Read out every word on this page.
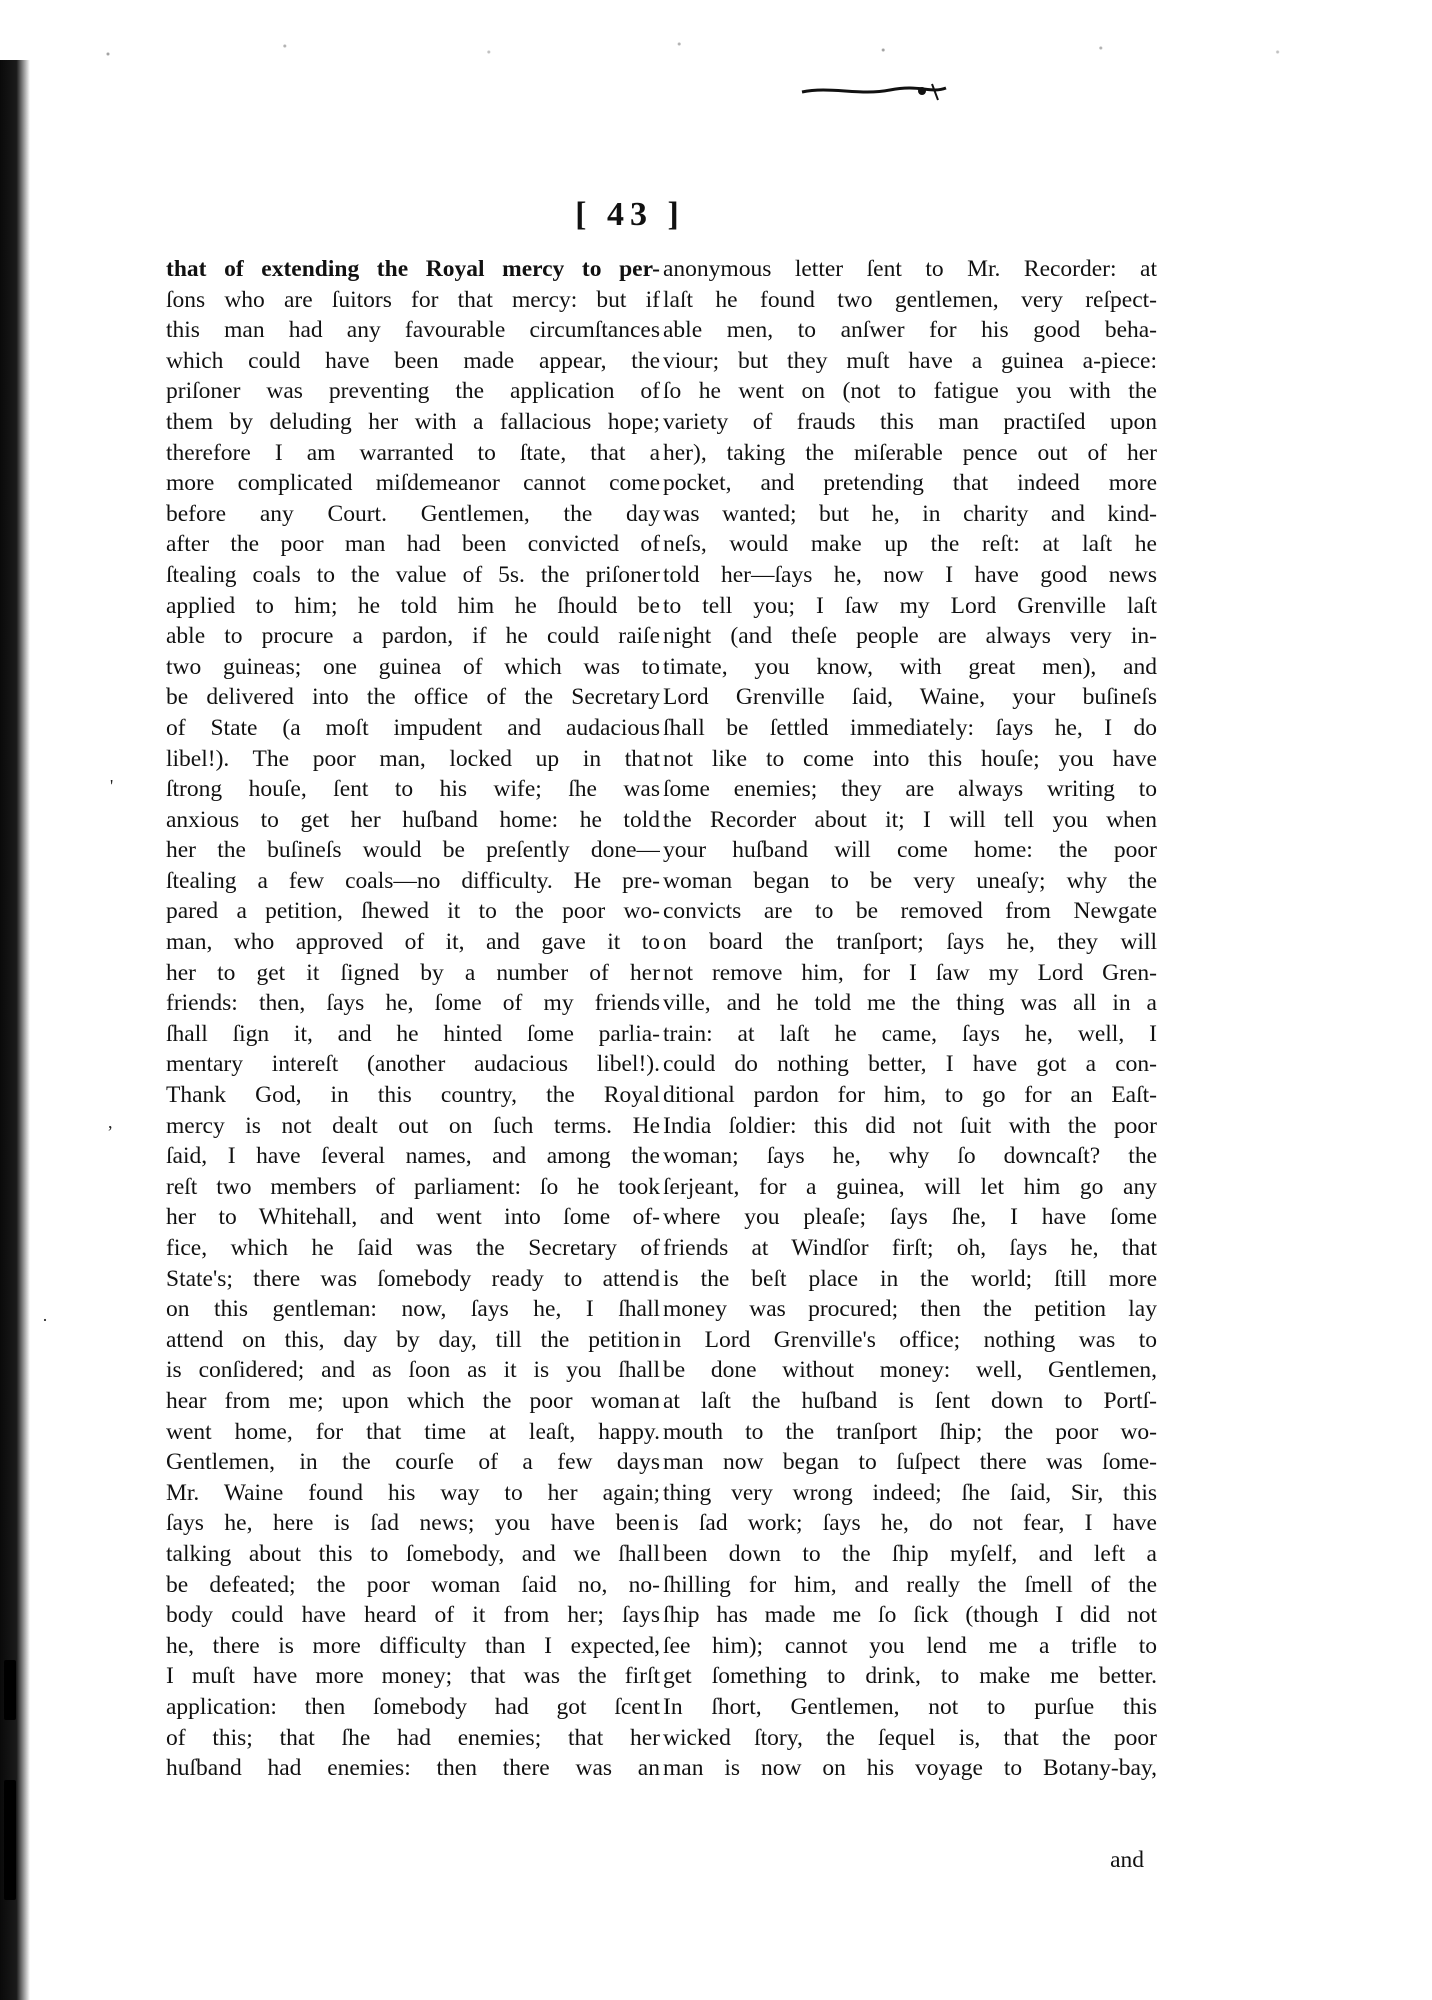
[ 43 ]
that of extending the Royal mercy to per-
ſons who are ſuitors for that mercy: but if
this man had any favourable circumſtances
which could have been made appear, the
priſoner was preventing the application of
them by deluding her with a fallacious hope;
therefore I am warranted to ſtate, that a
more complicated miſdemeanor cannot come
before any Court. Gentlemen, the day
after the poor man had been convicted of
ſtealing coals to the value of 5s. the priſoner
applied to him; he told him he ſhould be
able to procure a pardon, if he could raiſe
two guineas; one guinea of which was to
be delivered into the office of the Secretary
of State (a moſt impudent and audacious
libel!). The poor man, locked up in that
ſtrong houſe, ſent to his wife; ſhe was
anxious to get her huſband home: he told
her the buſineſs would be preſently done—
ſtealing a few coals—no difficulty. He pre-
pared a petition, ſhewed it to the poor wo-
man, who approved of it, and gave it to
her to get it ſigned by a number of her
friends: then, ſays he, ſome of my friends
ſhall ſign it, and he hinted ſome parlia-
mentary intereſt (another audacious libel!).
Thank God, in this country, the Royal
mercy is not dealt out on ſuch terms. He
ſaid, I have ſeveral names, and among the
reſt two members of parliament: ſo he took
her to Whitehall, and went into ſome of-
fice, which he ſaid was the Secretary of
State's; there was ſomebody ready to attend
on this gentleman: now, ſays he, I ſhall
attend on this, day by day, till the petition
is conſidered; and as ſoon as it is you ſhall
hear from me; upon which the poor woman
went home, for that time at leaſt, happy.
Gentlemen, in the courſe of a few days
Mr. Waine found his way to her again;
ſays he, here is ſad news; you have been
talking about this to ſomebody, and we ſhall
be defeated; the poor woman ſaid no, no-
body could have heard of it from her; ſays
he, there is more difficulty than I expected,
I muſt have more money; that was the firſt
application: then ſomebody had got ſcent
of this; that ſhe had enemies; that her
huſband had enemies: then there was an
anonymous letter ſent to Mr. Recorder: at
laſt he found two gentlemen, very reſpect-
able men, to anſwer for his good beha-
viour; but they muſt have a guinea a-piece:
ſo he went on (not to fatigue you with the
variety of frauds this man practiſed upon
her), taking the miſerable pence out of her
pocket, and pretending that indeed more
was wanted; but he, in charity and kind-
neſs, would make up the reſt: at laſt he
told her—ſays he, now I have good news
to tell you; I ſaw my Lord Grenville laſt
night (and theſe people are always very in-
timate, you know, with great men), and
Lord Grenville ſaid, Waine, your buſineſs
ſhall be ſettled immediately: ſays he, I do
not like to come into this houſe; you have
ſome enemies; they are always writing to
the Recorder about it; I will tell you when
your huſband will come home: the poor
woman began to be very uneaſy; why the
convicts are to be removed from Newgate
on board the tranſport; ſays he, they will
not remove him, for I ſaw my Lord Gren-
ville, and he told me the thing was all in a
train: at laſt he came, ſays he, well, I
could do nothing better, I have got a con-
ditional pardon for him, to go for an Eaſt-
India ſoldier: this did not ſuit with the poor
woman; ſays he, why ſo downcaſt? the
ſerjeant, for a guinea, will let him go any
where you pleaſe; ſays ſhe, I have ſome
friends at Windſor firſt; oh, ſays he, that
is the beſt place in the world; ſtill more
money was procured; then the petition lay
in Lord Grenville's office; nothing was to
be done without money: well, Gentlemen,
at laſt the huſband is ſent down to Portſ-
mouth to the tranſport ſhip; the poor wo-
man now began to ſuſpect there was ſome-
thing very wrong indeed; ſhe ſaid, Sir, this
is ſad work; ſays he, do not fear, I have
been down to the ſhip myſelf, and left a
ſhilling for him, and really the ſmell of the
ſhip has made me ſo ſick (though I did not
ſee him); cannot you lend me a trifle to
get ſomething to drink, to make me better.
In ſhort, Gentlemen, not to purſue this
wicked ſtory, the ſequel is, that the poor
man is now on his voyage to Botany-bay,
and
'
,
·
